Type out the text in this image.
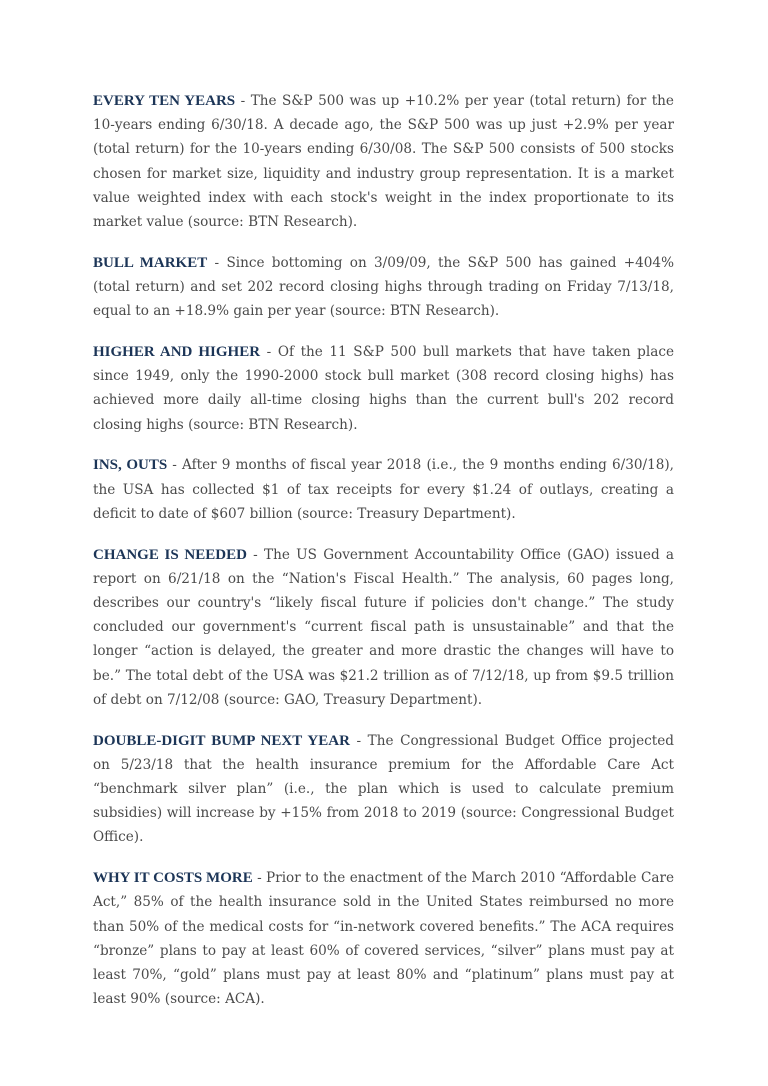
EVERY TEN YEARS - The S&P 500 was up +10.2% per year (total return) for the 10-years ending 6/30/18. A decade ago, the S&P 500 was up just +2.9% per year (total return) for the 10-years ending 6/30/08. The S&P 500 consists of 500 stocks chosen for market size, liquidity and industry group representation. It is a market value weighted index with each stock's weight in the index proportionate to its market value (source: BTN Research).

BULL MARKET - Since bottoming on 3/09/09, the S&P 500 has gained +404% (total return) and set 202 record closing highs through trading on Friday 7/13/18, equal to an +18.9% gain per year (source: BTN Research).

HIGHER AND HIGHER - Of the 11 S&P 500 bull markets that have taken place since 1949, only the 1990-2000 stock bull market (308 record closing highs) has achieved more daily all-time closing highs than the current bull's 202 record closing highs (source: BTN Research).

INS, OUTS - After 9 months of fiscal year 2018 (i.e., the 9 months ending 6/30/18), the USA has collected $1 of tax receipts for every $1.24 of outlays, creating a deficit to date of $607 billion (source: Treasury Department).

CHANGE IS NEEDED - The US Government Accountability Office (GAO) issued a report on 6/21/18 on the “Nation's Fiscal Health.” The analysis, 60 pages long, describes our country's “likely fiscal future if policies don't change.” The study concluded our government's “current fiscal path is unsustainable” and that the longer “action is delayed, the greater and more drastic the changes will have to be.” The total debt of the USA was $21.2 trillion as of 7/12/18, up from $9.5 trillion of debt on 7/12/08 (source: GAO, Treasury Department).

DOUBLE-DIGIT BUMP NEXT YEAR - The Congressional Budget Office projected on 5/23/18 that the health insurance premium for the Affordable Care Act “benchmark silver plan” (i.e., the plan which is used to calculate premium subsidies) will increase by +15% from 2018 to 2019 (source: Congressional Budget Office).

WHY IT COSTS MORE - Prior to the enactment of the March 2010 “Affordable Care Act,” 85% of the health insurance sold in the United States reimbursed no more than 50% of the medical costs for “in-network covered benefits.” The ACA requires “bronze” plans to pay at least 60% of covered services, “silver” plans must pay at least 70%, “gold” plans must pay at least 80% and “platinum” plans must pay at least 90% (source: ACA).
